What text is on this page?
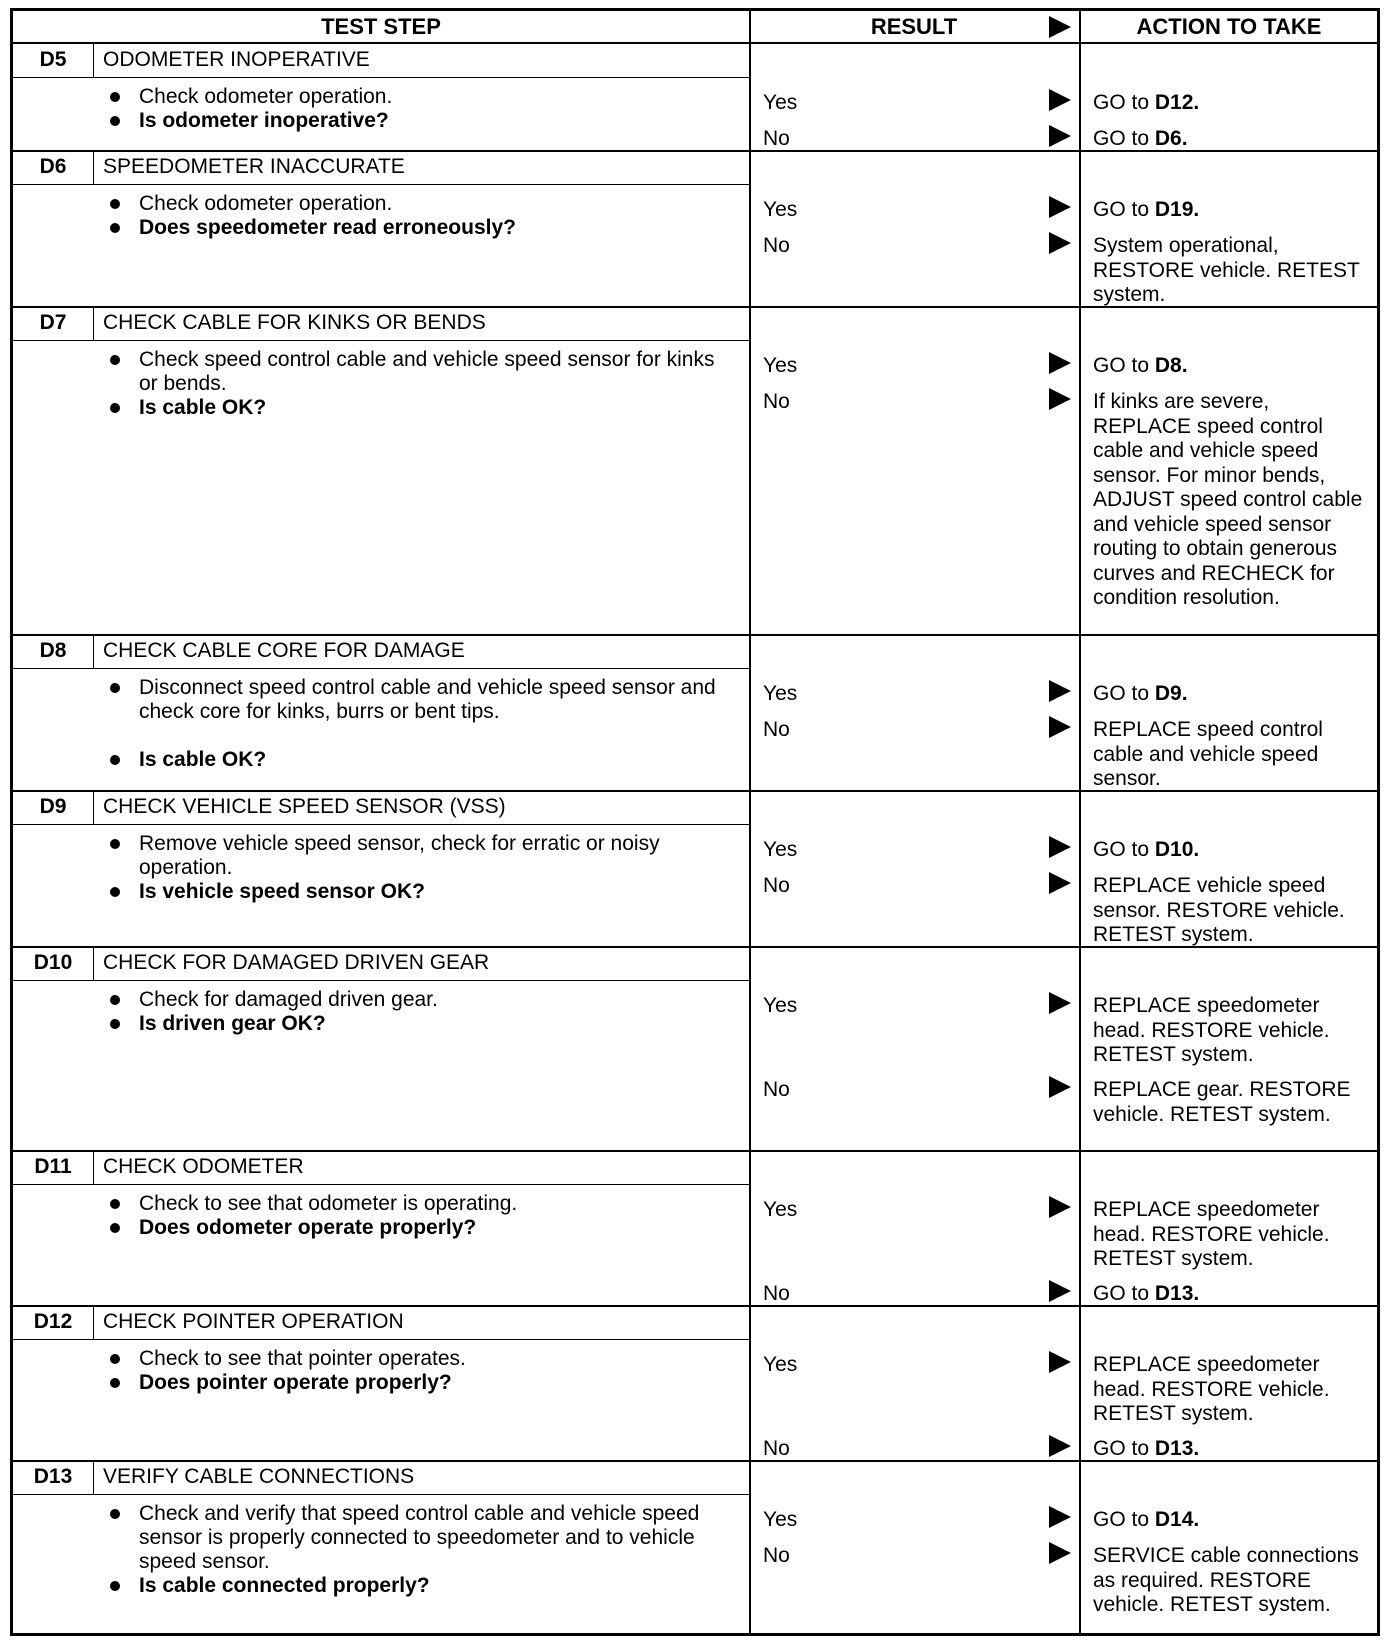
TEST STEP	RESULT	ACTION TO TAKE
D5	ODOMETER INOPERATIVE
Check odometer operation.
Is odometer inoperative?
Yes	GO to D12.
No	GO to D6.
D6	SPEEDOMETER INACCURATE
Check odometer operation.
Does speedometer read erroneously?
Yes	GO to D19.
No	System operational, RESTORE vehicle. RETEST system.
D7	CHECK CABLE FOR KINKS OR BENDS
Check speed control cable and vehicle speed sensor for kinks or bends.
Is cable OK?
Yes	GO to D8.
No	If kinks are severe, REPLACE speed control cable and vehicle speed sensor. For minor bends, ADJUST speed control cable and vehicle speed sensor routing to obtain generous curves and RECHECK for condition resolution.
D8	CHECK CABLE CORE FOR DAMAGE
Disconnect speed control cable and vehicle speed sensor and check core for kinks, burrs or bent tips.
Is cable OK?
Yes	GO to D9.
No	REPLACE speed control cable and vehicle speed sensor.
D9	CHECK VEHICLE SPEED SENSOR (VSS)
Remove vehicle speed sensor, check for erratic or noisy operation.
Is vehicle speed sensor OK?
Yes	GO to D10.
No	REPLACE vehicle speed sensor. RESTORE vehicle. RETEST system.
D10	CHECK FOR DAMAGED DRIVEN GEAR
Check for damaged driven gear.
Is driven gear OK?
Yes	REPLACE speedometer head. RESTORE vehicle. RETEST system.
No	REPLACE gear. RESTORE vehicle. RETEST system.
D11	CHECK ODOMETER
Check to see that odometer is operating.
Does odometer operate properly?
Yes	REPLACE speedometer head. RESTORE vehicle. RETEST system.
No	GO to D13.
D12	CHECK POINTER OPERATION
Check to see that pointer operates.
Does pointer operate properly?
Yes	REPLACE speedometer head. RESTORE vehicle. RETEST system.
No	GO to D13.
D13	VERIFY CABLE CONNECTIONS
Check and verify that speed control cable and vehicle speed sensor is properly connected to speedometer and to vehicle speed sensor.
Is cable connected properly?
Yes	GO to D14.
No	SERVICE cable connections as required. RESTORE vehicle. RETEST system.
